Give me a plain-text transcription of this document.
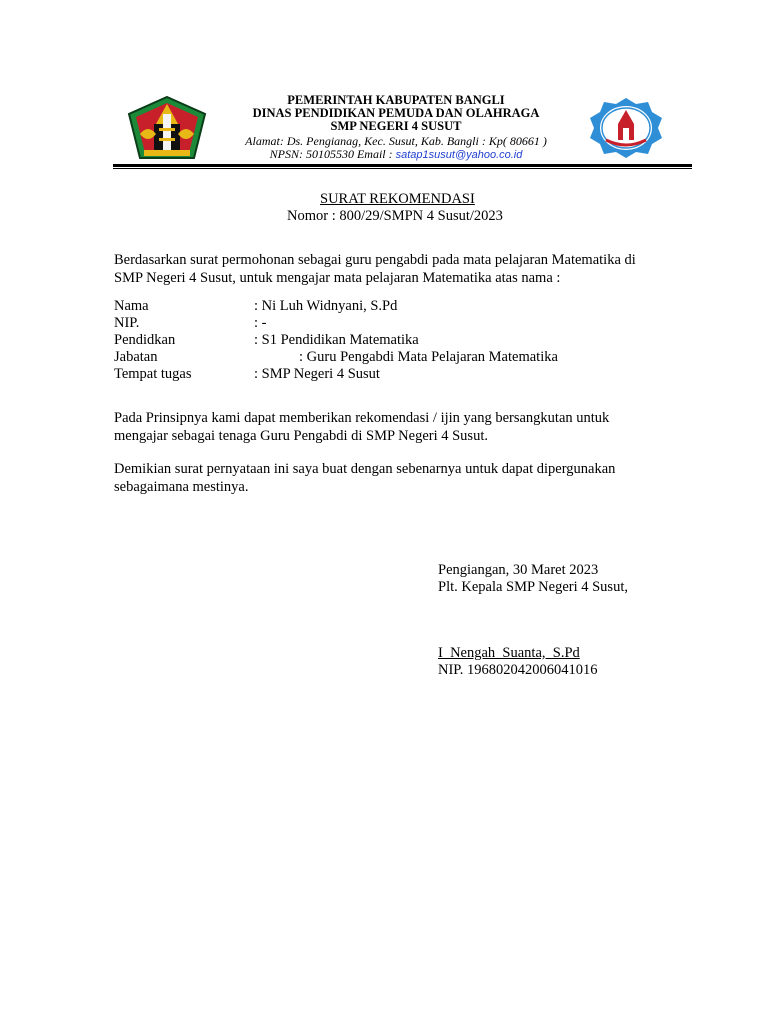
PEMERINTAH KABUPATEN BANGLI
DINAS PENDIDIKAN PEMUDA DAN OLAHRAGA
SMP NEGERI 4 SUSUT
Alamat: Ds. Pengianag, Kec. Susut, Kab. Bangli : Kp( 80661 )
NPSN: 50105530 Email : satap1susut@yahoo.co.id
SURAT REKOMENDASI
Nomor : 800/29/SMPN 4 Susut/2023
Berdasarkan surat permohonan sebagai guru pengabdi pada mata pelajaran Matematika di
SMP Negeri 4 Susut, untuk mengajar mata pelajaran Matematika atas nama :
Nama	: Ni Luh Widnyani, S.Pd
NIP.	: -
Pendidkan	: S1 Pendidikan Matematika
Jabatan	: Guru Pengabdi Mata Pelajaran Matematika
Tempat tugas	: SMP Negeri 4 Susut
Pada Prinsipnya kami dapat memberikan rekomendasi / ijin yang bersangkutan untuk
mengajar sebagai tenaga Guru Pengabdi di SMP Negeri 4 Susut.
Demikian surat pernyataan ini saya buat dengan sebenarnya untuk dapat dipergunakan
sebagaimana mestinya.
Pengiangan, 30 Maret 2023
Plt. Kepala SMP Negeri 4 Susut,
I  Nengah  Suanta,  S.Pd
NIP. 196802042006041016
